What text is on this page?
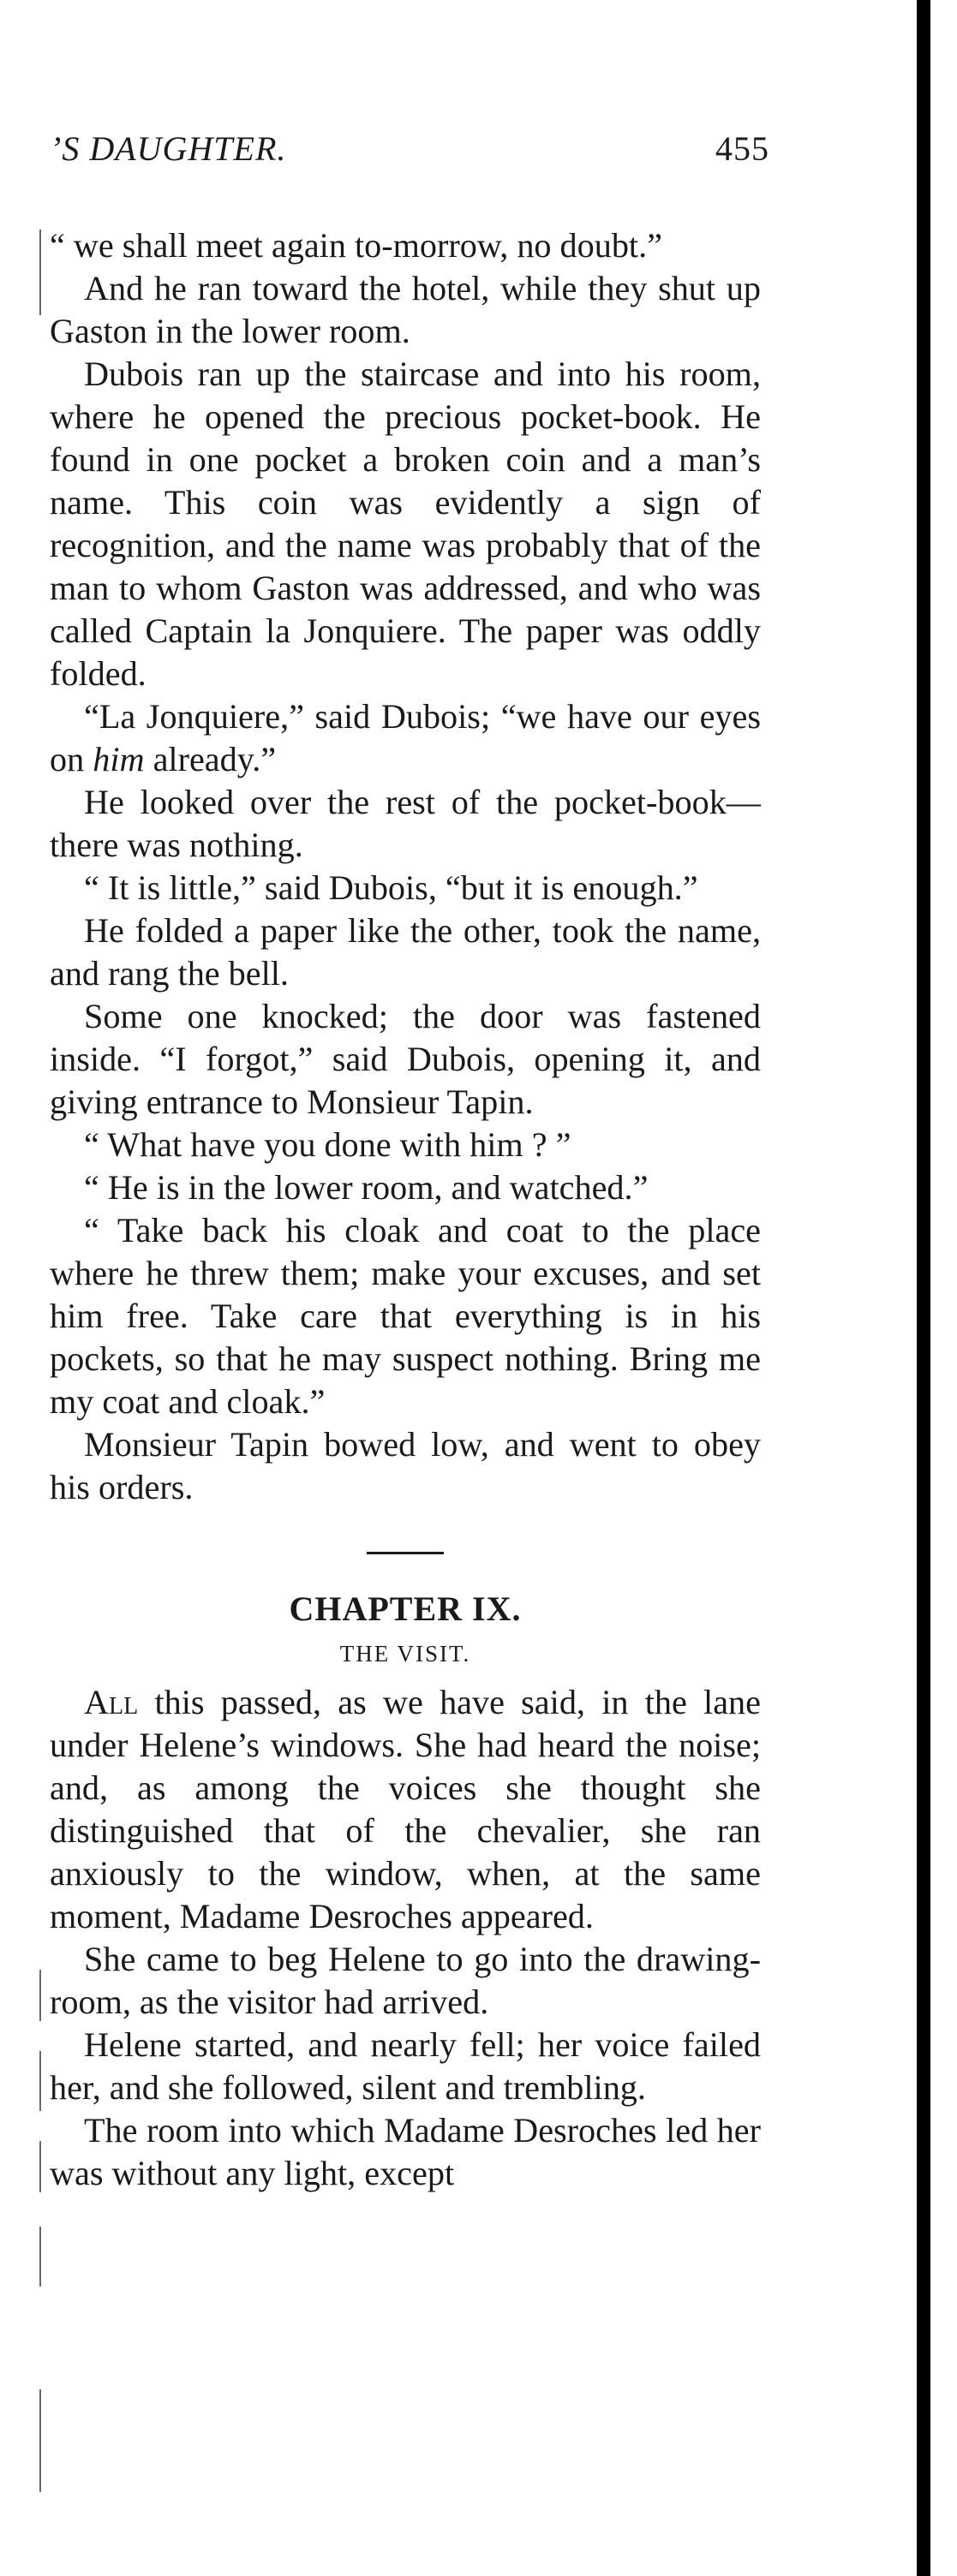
’S DAUGHTER.	455

“ we shall meet again to-morrow, no doubt.”

And he ran toward the hotel, while they shut up Gaston in the lower room.

Dubois ran up the staircase and into his room, where he opened the precious pocket-book. He found in one pocket a broken coin and a man’s name. This coin was evidently a sign of recognition, and the name was probably that of the man to whom Gaston was addressed, and who was called Captain la Jonquiere. The paper was oddly folded.

“La Jonquiere,” said Dubois; “we have our eyes on him already.”

He looked over the rest of the pocket-book—there was nothing.

“ It is little,” said Dubois, “but it is enough.”

He folded a paper like the other, took the name, and rang the bell.

Some one knocked; the door was fastened inside. “I forgot,” said Dubois, opening it, and giving entrance to Monsieur Tapin.

“ What have you done with him ? ”

“ He is in the lower room, and watched.”

“ Take back his cloak and coat to the place where he threw them; make your excuses, and set him free. Take care that everything is in his pockets, so that he may suspect nothing. Bring me my coat and cloak.”

Monsieur Tapin bowed low, and went to obey his orders.

CHAPTER IX.
THE VISIT.

All this passed, as we have said, in the lane under Helene’s windows. She had heard the noise; and, as among the voices she thought she distinguished that of the chevalier, she ran anxiously to the window, when, at the same moment, Madame Desroches appeared.

She came to beg Helene to go into the drawing-room, as the visitor had arrived.

Helene started, and nearly fell; her voice failed her, and she followed, silent and trembling.

The room into which Madame Desroches led her was without any light, except
